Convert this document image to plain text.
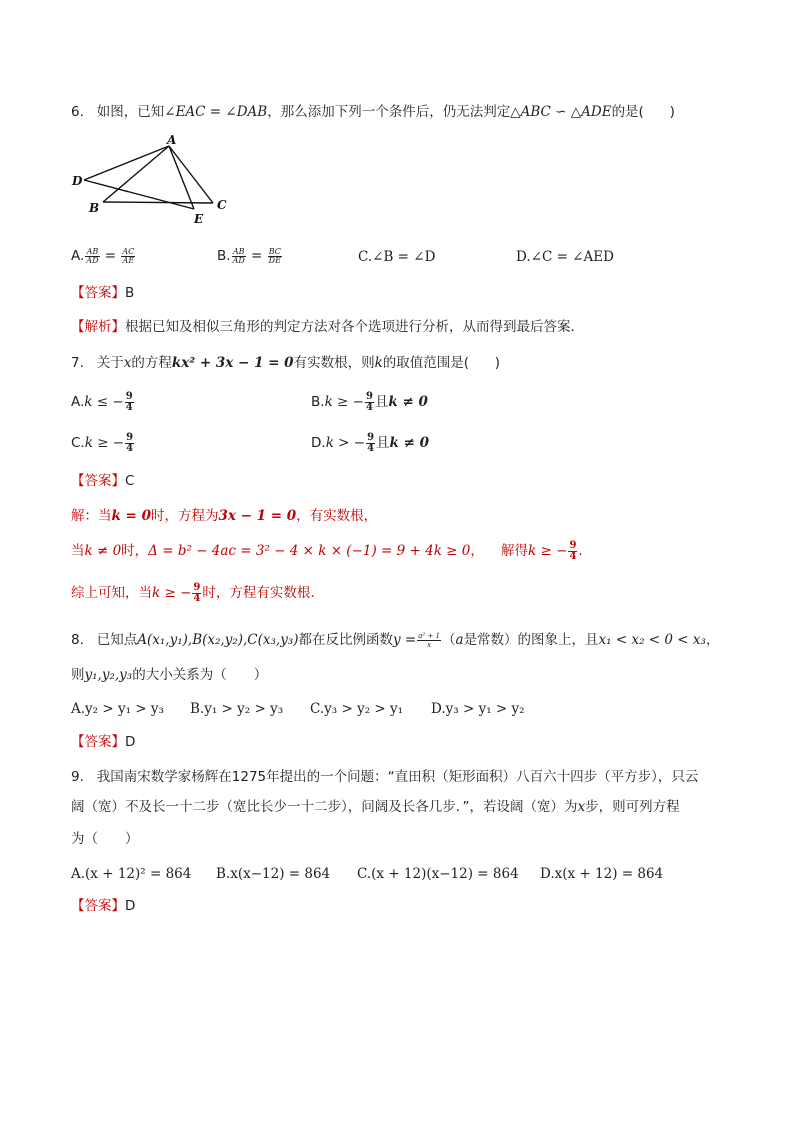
6. 如图，已知∠EAC = ∠DAB，那么添加下列一个条件后，仍无法判定△ABC ∽ △ADE的是( )
A
D
B
E
C
A. $\frac{AB}{AD} = \frac{AC}{AE}$	B. $\frac{AB}{AD} = \frac{BC}{DE}$	C.∠B = ∠D	D.∠C = ∠AED
【答案】B
【解析】根据已知及相似三角形的判定方法对各个选项进行分析，从而得到最后答案．
7. 关于x的方程kx² + 3x − 1 = 0有实数根，则k的取值范围是( )
A.k ≤ − $\frac{9}{4}$	B.k ≥ − $\frac{9}{4}$ 且k ≠ 0
C.k ≥ − $\frac{9}{4}$	D.k > − $\frac{9}{4}$ 且k ≠ 0
【答案】C
解：当k = 0时，方程为3x − 1 = 0，有实数根，
当k ≠ 0时，Δ = b² − 4ac = 3² − 4 × k × (−1) = 9 + 4k ≥ 0， 解得k ≥ − $\frac{9}{4}$ .
综上可知，当k ≥ − $\frac{9}{4}$ 时，方程有实数根.
8. 已知点A(x₁,y₁),B(x₂,y₂),C(x₃,y₃)都在反比例函数$y = \frac{\text{a² + 1}}{x} (a$是常数）的图象上，且x₁ < x₂ < 0 < x₃，
则y₁,y₂,y₃的大小关系为（　　）
A.y₂ > y₁ > y₃ B.y₁ > y₂ > y₃ C.y₃ > y₂ > y₁ D.y₃ > y₁ > y₂
【答案】D
9. 我国南宋数学家杨辉在1275年提出的一个问题：“直田积（矩形面积）八百六十四步（平方步），只云
阔（宽）不及长一十二步（宽比长少一十二步），问阔及长各几步．”，若设阔（宽）为x步，则可列方程
为（　　）
A.(x + 12)² = 864 B.x(x−12) = 864 C.(x + 12)(x−12) = 864 D.x(x + 12) = 864
【答案】D
